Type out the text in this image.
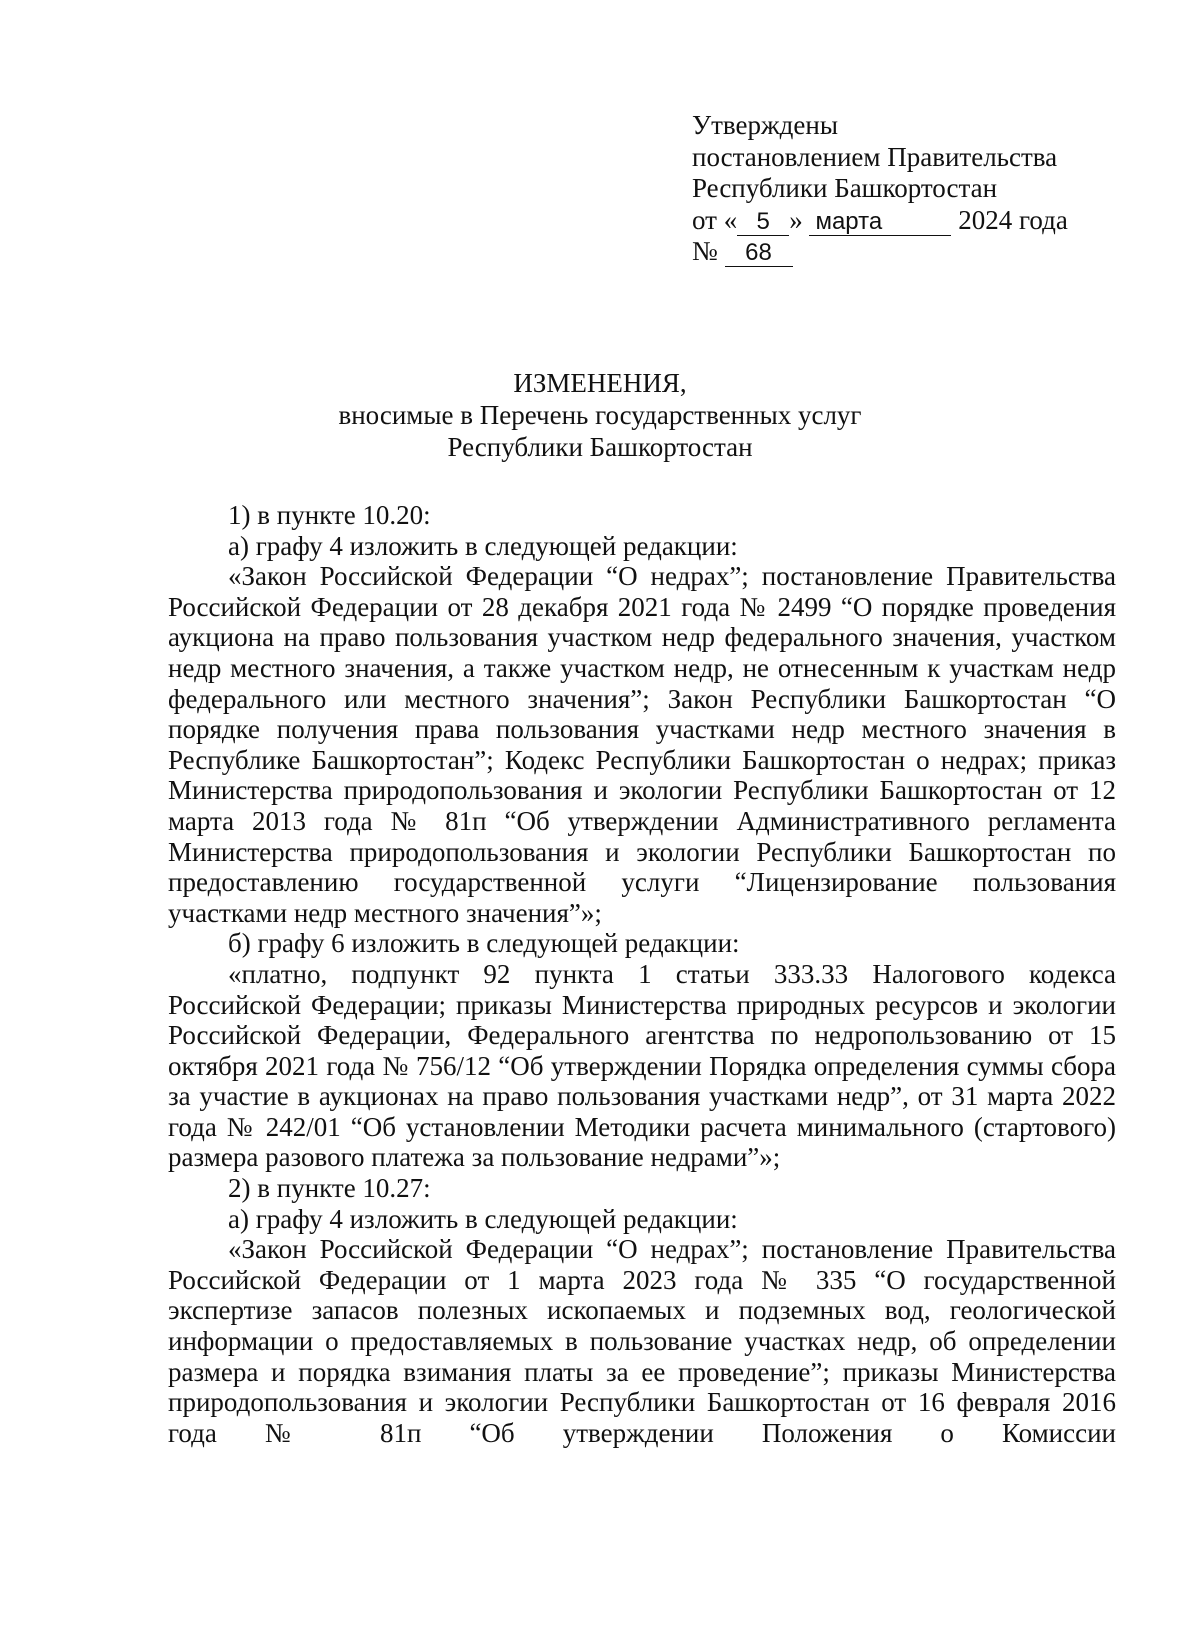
Утверждены
постановлением Правительства
Республики Башкортостан
от « 5 » марта	2024 года
№ 68
ИЗМЕНЕНИЯ,
вносимые в Перечень государственных услуг
Республики Башкортостан

1) в пункте 10.20:

а) графу 4 изложить в следующей редакции:

«Закон Российской Федерации “О недрах”; постановление Правительства Российской Федерации от 28 декабря 2021 года № 2499 “О порядке проведения аукциона на право пользования участком недр федерального значения, участком недр местного значения, а также участком недр, не отнесенным к участкам недр федерального или местного значения”; Закон Республики Башкортостан “О порядке получения права пользования участками недр местного значения в Республике Башкортостан”; Кодекс Республики Башкортостан о недрах; приказ Министерства природопользования и экологии Республики Башкортостан от 12 марта 2013 года № 81п “Об утверждении Административного регламента Министерства природопользования и экологии Республики Башкортостан по предоставлению государственной услуги “Лицензирование пользования участками недр местного значения”»;

б) графу 6 изложить в следующей редакции:

«платно, подпункт 92 пункта 1 статьи 333.33 Налогового кодекса Российской Федерации; приказы Министерства природных ресурсов и экологии Российской Федерации, Федерального агентства по недропользованию от 15 октября 2021 года № 756/12 “Об утверждении Порядка определения суммы сбора за участие в аукционах на право пользования участками недр”, от 31 марта 2022 года № 242/01 “Об установлении Методики расчета минимального (стартового) размера разового платежа за пользование недрами”»;

2) в пункте 10.27:

а) графу 4 изложить в следующей редакции:

«Закон Российской Федерации “О недрах”; постановление Правительства Российской Федерации от 1 марта 2023 года № 335 “О государственной экспертизе запасов полезных ископаемых и подземных вод, геологической информации о предоставляемых в пользование участках недр, об определении размера и порядка взимания платы за ее проведение”; приказы Министерства природопользования и экологии Республики Башкортостан от 16 февраля 2016 года № 81п “Об утверждении Положения о Комиссии
